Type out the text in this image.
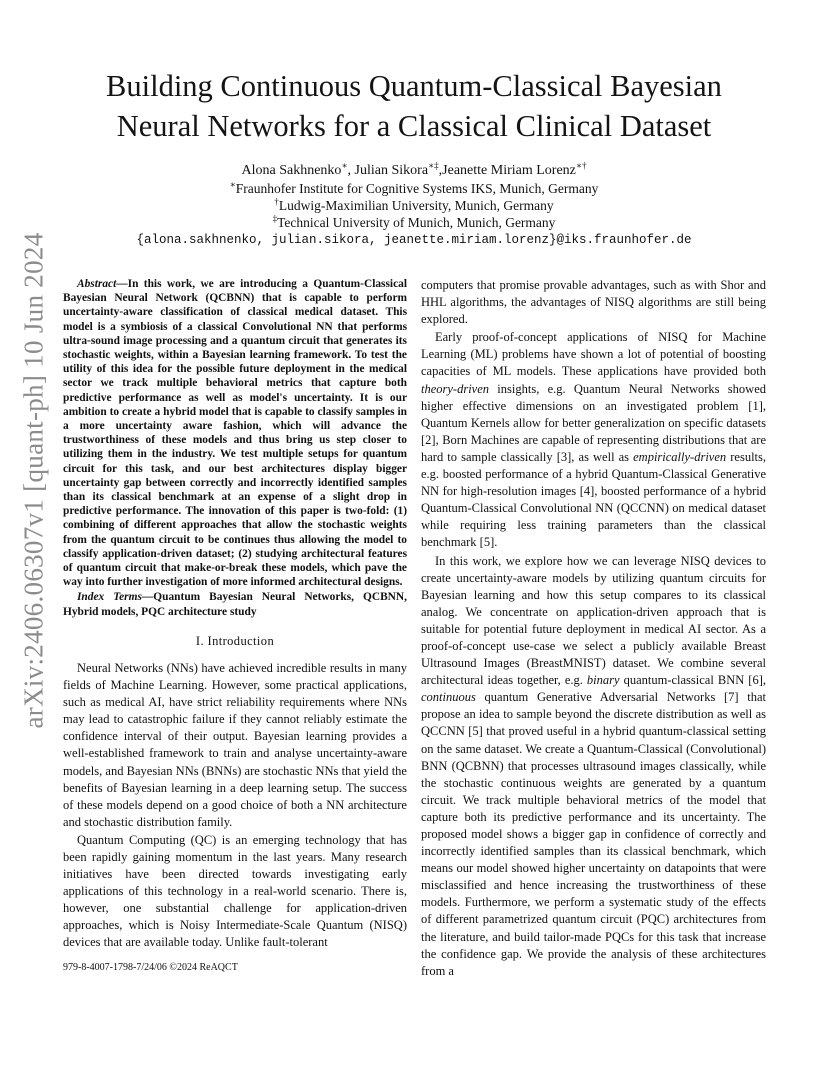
arXiv:2406.06307v1 [quant-ph] 10 Jun 2024
Building Continuous Quantum-Classical Bayesian
Neural Networks for a Classical Clinical Dataset
Alona Sakhnenko∗, Julian Sikora∗‡,Jeanette Miriam Lorenz∗†
∗Fraunhofer Institute for Cognitive Systems IKS, Munich, Germany
†Ludwig-Maximilian University, Munich, Germany
‡Technical University of Munich, Munich, Germany
{alona.sakhnenko, julian.sikora, jeanette.miriam.lorenz}@iks.fraunhofer.de

Abstract—In this work, we are introducing a Quantum-Classical Bayesian Neural Network (QCBNN) that is capable to perform uncertainty-aware classification of classical medical dataset. This model is a symbiosis of a classical Convolutional NN that performs ultra-sound image processing and a quantum circuit that generates its stochastic weights, within a Bayesian learning framework. To test the utility of this idea for the possible future deployment in the medical sector we track multiple behavioral metrics that capture both predictive performance as well as model's uncertainty. It is our ambition to create a hybrid model that is capable to classify samples in a more uncertainty aware fashion, which will advance the trustworthiness of these models and thus bring us step closer to utilizing them in the industry. We test multiple setups for quantum circuit for this task, and our best architectures display bigger uncertainty gap between correctly and incorrectly identified samples than its classical benchmark at an expense of a slight drop in predictive performance. The innovation of this paper is two-fold: (1) combining of different approaches that allow the stochastic weights from the quantum circuit to be continues thus allowing the model to classify application-driven dataset; (2) studying architectural features of quantum circuit that make-or-break these models, which pave the way into further investigation of more informed architectural designs.

Index Terms—Quantum Bayesian Neural Networks, QCBNN, Hybrid models, PQC architecture study

I. Introduction

Neural Networks (NNs) have achieved incredible results in many fields of Machine Learning. However, some practical applications, such as medical AI, have strict reliability requirements where NNs may lead to catastrophic failure if they cannot reliably estimate the confidence interval of their output. Bayesian learning provides a well-established framework to train and analyse uncertainty-aware models, and Bayesian NNs (BNNs) are stochastic NNs that yield the benefits of Bayesian learning in a deep learning setup. The success of these models depend on a good choice of both a NN architecture and stochastic distribution family.

Quantum Computing (QC) is an emerging technology that has been rapidly gaining momentum in the last years. Many research initiatives have been directed towards investigating early applications of this technology in a real-world scenario. There is, however, one substantial challenge for application-driven approaches, which is Noisy Intermediate-Scale Quantum (NISQ) devices that are available today. Unlike fault-tolerant

computers that promise provable advantages, such as with Shor and HHL algorithms, the advantages of NISQ algorithms are still being explored.

Early proof-of-concept applications of NISQ for Machine Learning (ML) problems have shown a lot of potential of boosting capacities of ML models. These applications have provided both theory-driven insights, e.g. Quantum Neural Networks showed higher effective dimensions on an investigated problem [1], Quantum Kernels allow for better generalization on specific datasets [2], Born Machines are capable of representing distributions that are hard to sample classically [3], as well as empirically-driven results, e.g. boosted performance of a hybrid Quantum-Classical Generative NN for high-resolution images [4], boosted performance of a hybrid Quantum-Classical Convolutional NN (QCCNN) on medical dataset while requiring less training parameters than the classical benchmark [5].

In this work, we explore how we can leverage NISQ devices to create uncertainty-aware models by utilizing quantum circuits for Bayesian learning and how this setup compares to its classical analog. We concentrate on application-driven approach that is suitable for potential future deployment in medical AI sector. As a proof-of-concept use-case we select a publicly available Breast Ultrasound Images (BreastMNIST) dataset. We combine several architectural ideas together, e.g. binary quantum-classical BNN [6], continuous quantum Generative Adversarial Networks [7] that propose an idea to sample beyond the discrete distribution as well as QCCNN [5] that proved useful in a hybrid quantum-classical setting on the same dataset. We create a Quantum-Classical (Convolutional) BNN (QCBNN) that processes ultrasound images classically, while the stochastic continuous weights are generated by a quantum circuit. We track multiple behavioral metrics of the model that capture both its predictive performance and its uncertainty. The proposed model shows a bigger gap in confidence of correctly and incorrectly identified samples than its classical benchmark, which means our model showed higher uncertainty on datapoints that were misclassified and hence increasing the trustworthiness of these models. Furthermore, we perform a systematic study of the effects of different parametrized quantum circuit (PQC) architectures from the literature, and build tailor-made PQCs for this task that increase the confidence gap. We provide the analysis of these architectures from a

979-8-4007-1798-7/24/06 ©2024 ReAQCT
